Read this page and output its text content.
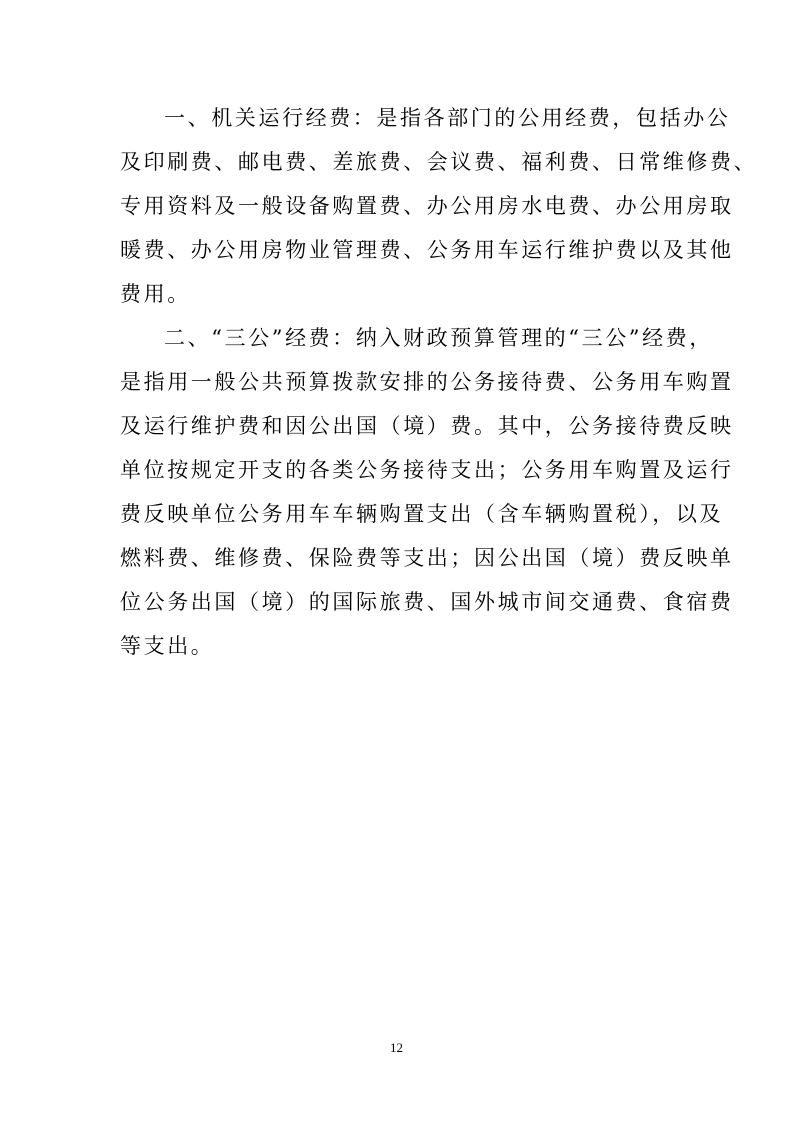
一、机关运行经费：是指各部门的公用经费，包括办公
及印刷费、邮电费、差旅费、会议费、福利费、日常维修费、
专用资料及一般设备购置费、办公用房水电费、办公用房取
暖费、办公用房物业管理费、公务用车运行维护费以及其他
费用。
二、“三公”经费：纳入财政预算管理的“三公”经费，
是指用一般公共预算拨款安排的公务接待费、公务用车购置
及运行维护费和因公出国（境）费。其中，公务接待费反映
单位按规定开支的各类公务接待支出；公务用车购置及运行
费反映单位公务用车车辆购置支出（含车辆购置税），以及
燃料费、维修费、保险费等支出；因公出国（境）费反映单
位公务出国（境）的国际旅费、国外城市间交通费、食宿费
等支出。
12
